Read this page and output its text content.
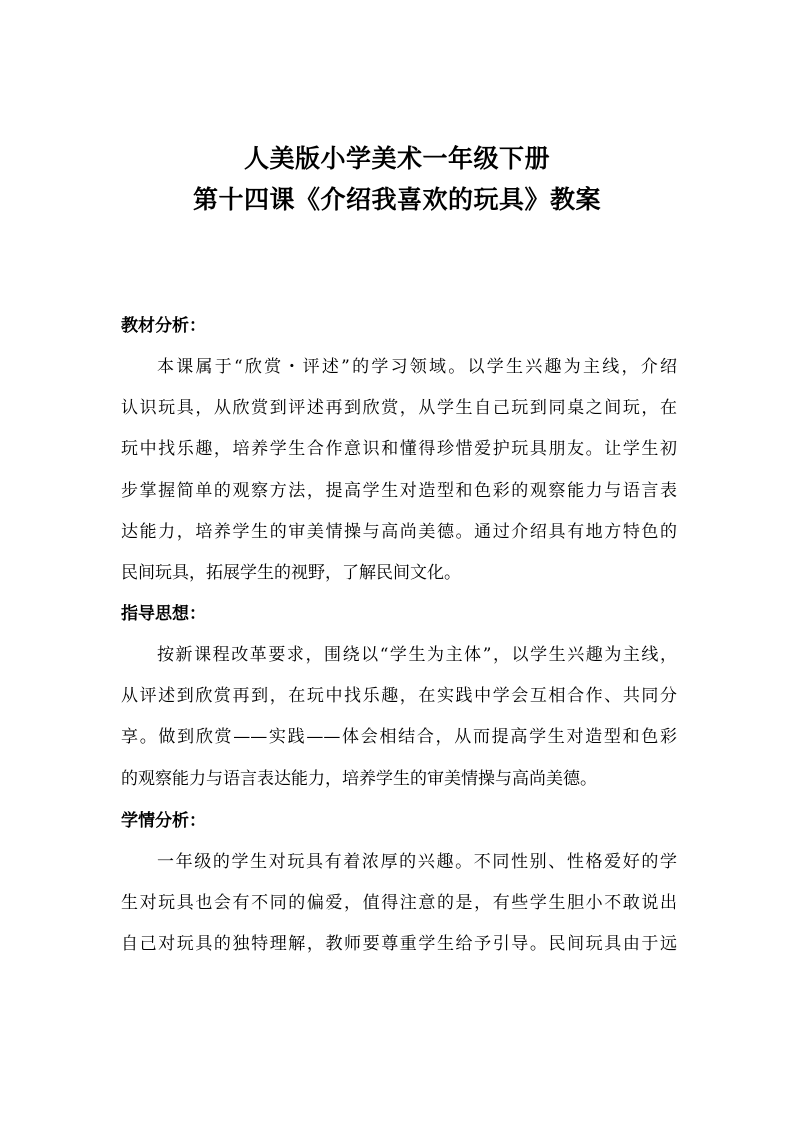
人美版小学美术一年级下册
第十四课《介绍我喜欢的玩具》教案
教材分析：
本课属于“欣赏・评述”的学习领域。以学生兴趣为主线，介绍
认识玩具，从欣赏到评述再到欣赏，从学生自己玩到同桌之间玩，在
玩中找乐趣，培养学生合作意识和懂得珍惜爱护玩具朋友。让学生初
步掌握简单的观察方法，提高学生对造型和色彩的观察能力与语言表
达能力，培养学生的审美情操与高尚美德。通过介绍具有地方特色的
民间玩具，拓展学生的视野，了解民间文化。
指导思想：
按新课程改革要求，围绕以“学生为主体”，以学生兴趣为主线，
从评述到欣赏再到，在玩中找乐趣，在实践中学会互相合作、共同分
享。做到欣赏——实践——体会相结合，从而提高学生对造型和色彩
的观察能力与语言表达能力，培养学生的审美情操与高尚美德。
学情分析：
一年级的学生对玩具有着浓厚的兴趣。不同性别、性格爱好的学
生对玩具也会有不同的偏爱，值得注意的是，有些学生胆小不敢说出
自己对玩具的独特理解，教师要尊重学生给予引导。民间玩具由于远
